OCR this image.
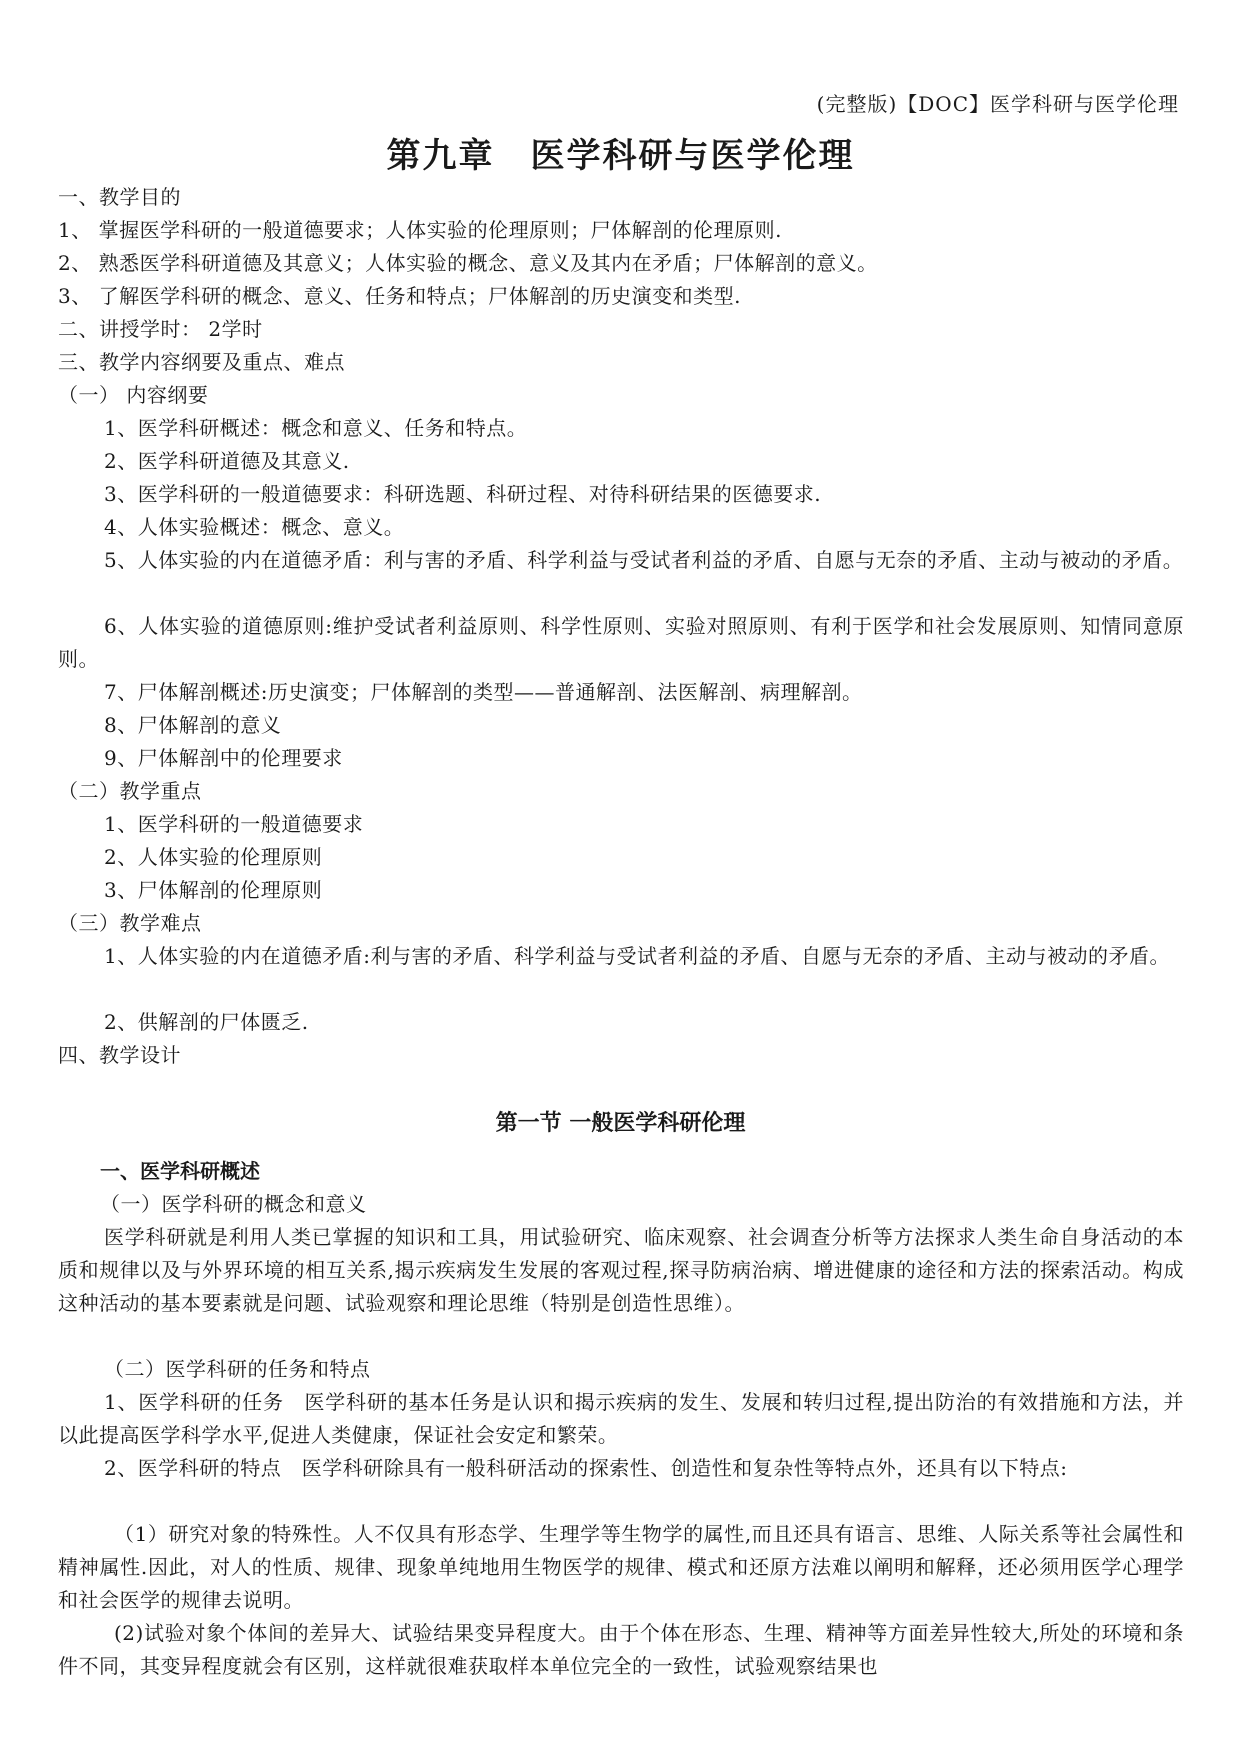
(完整版)【DOC】医学科研与医学伦理
第九章　医学科研与医学伦理
一、教学目的
1、 掌握医学科研的一般道德要求；人体实验的伦理原则；尸体解剖的伦理原则.
2、 熟悉医学科研道德及其意义；人体实验的概念、意义及其内在矛盾；尸体解剖的意义。
3、 了解医学科研的概念、意义、任务和特点；尸体解剖的历史演变和类型.
二、讲授学时： 2学时
三、教学内容纲要及重点、难点
（一） 内容纲要
1、医学科研概述：概念和意义、任务和特点。
2、医学科研道德及其意义.
3、医学科研的一般道德要求：科研选题、科研过程、对待科研结果的医德要求.
4、人体实验概述：概念、意义。
5、人体实验的内在道德矛盾：利与害的矛盾、科学利益与受试者利益的矛盾、自愿与无奈的矛盾、主动与被动的矛盾。
6、人体实验的道德原则:维护受试者利益原则、科学性原则、实验对照原则、有利于医学和社会发展原则、知情同意原则。
7、尸体解剖概述:历史演变；尸体解剖的类型——普通解剖、法医解剖、病理解剖。
8、尸体解剖的意义
9、尸体解剖中的伦理要求
（二）教学重点
1、医学科研的一般道德要求
2、人体实验的伦理原则
3、尸体解剖的伦理原则
（三）教学难点
1、人体实验的内在道德矛盾:利与害的矛盾、科学利益与受试者利益的矛盾、自愿与无奈的矛盾、主动与被动的矛盾。
2、供解剖的尸体匮乏.
四、教学设计
第一节 一般医学科研伦理
一、医学科研概述
（一）医学科研的概念和意义
医学科研就是利用人类已掌握的知识和工具，用试验研究、临床观察、社会调查分析等方法探求人类生命自身活动的本质和规律以及与外界环境的相互关系,揭示疾病发生发展的客观过程,探寻防病治病、增进健康的途径和方法的探索活动。构成这种活动的基本要素就是问题、试验观察和理论思维（特别是创造性思维）。
（二）医学科研的任务和特点
1、医学科研的任务　医学科研的基本任务是认识和揭示疾病的发生、发展和转归过程,提出防治的有效措施和方法，并以此提高医学科学水平,促进人类健康，保证社会安定和繁荣。
2、医学科研的特点　医学科研除具有一般科研活动的探索性、创造性和复杂性等特点外，还具有以下特点:
（1）研究对象的特殊性。人不仅具有形态学、生理学等生物学的属性,而且还具有语言、思维、人际关系等社会属性和精神属性.因此，对人的性质、规律、现象单纯地用生物医学的规律、模式和还原方法难以阐明和解释，还必须用医学心理学和社会医学的规律去说明。
(2)试验对象个体间的差异大、试验结果变异程度大。由于个体在形态、生理、精神等方面差异性较大,所处的环境和条件不同，其变异程度就会有区别，这样就很难获取样本单位完全的一致性，试验观察结果也
